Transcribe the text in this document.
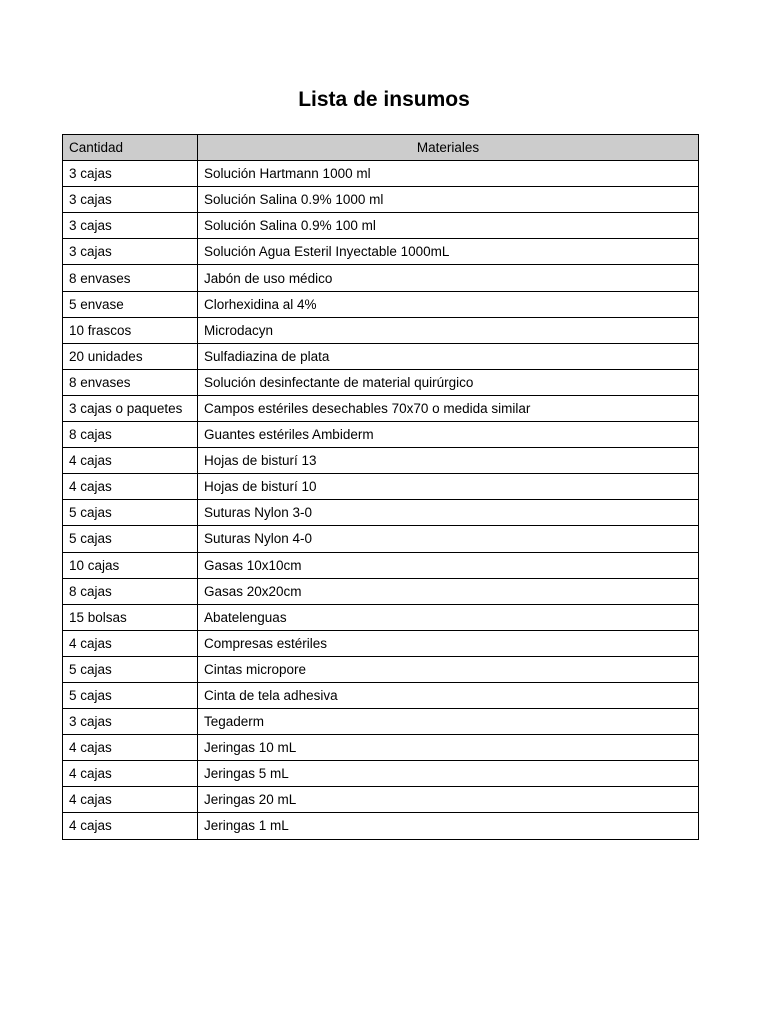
Lista de insumos
Cantidad	Materiales
3 cajas	Solución Hartmann 1000 ml
3 cajas	Solución Salina 0.9% 1000 ml
3 cajas	Solución Salina 0.9% 100 ml
3 cajas	Solución Agua Esteril Inyectable 1000mL
8 envases	Jabón de uso médico
5 envase	Clorhexidina al 4%
10 frascos	Microdacyn
20 unidades	Sulfadiazina de plata
8 envases	Solución desinfectante de material quirúrgico
3 cajas o paquetes	Campos estériles desechables 70x70 o medida similar
8 cajas	Guantes estériles Ambiderm
4 cajas	Hojas de bisturí 13
4 cajas	Hojas de bisturí 10
5 cajas	Suturas Nylon 3-0
5 cajas	Suturas Nylon 4-0
10 cajas	Gasas 10x10cm
8 cajas	Gasas 20x20cm
15 bolsas	Abatelenguas
4 cajas	Compresas estériles
5 cajas	Cintas micropore
5 cajas	Cinta de tela adhesiva
3 cajas	Tegaderm
4 cajas	Jeringas 10 mL
4 cajas	Jeringas 5 mL
4 cajas	Jeringas 20 mL
4 cajas	Jeringas 1 mL
